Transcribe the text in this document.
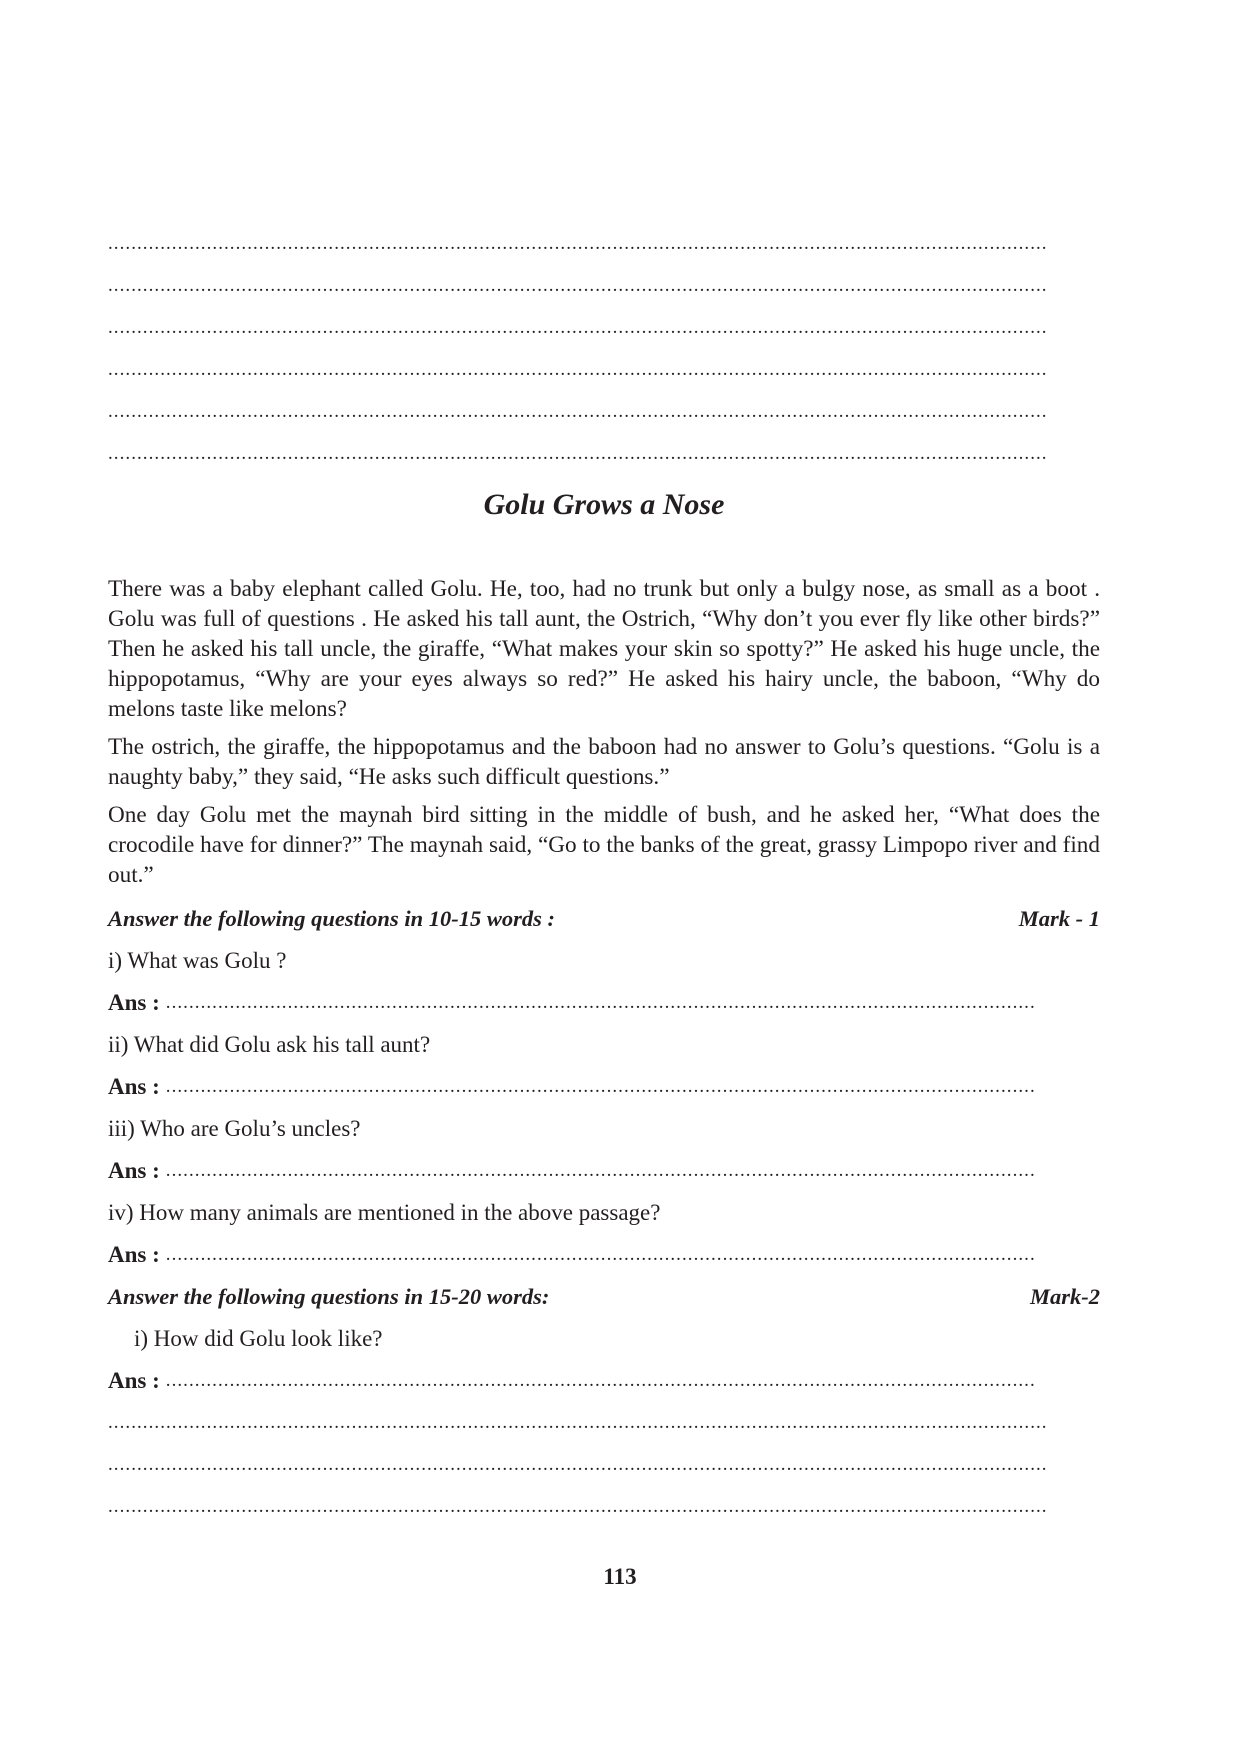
..................................................................................................................................................................
..................................................................................................................................................................
..................................................................................................................................................................
..................................................................................................................................................................
..................................................................................................................................................................
..................................................................................................................................................................
Golu Grows a Nose

There was a baby elephant called Golu. He, too, had no trunk but only a bulgy nose, as small as a boot . Golu was full of questions . He asked his tall aunt, the Ostrich, “Why don’t you ever fly like other birds?” Then he asked his tall uncle, the giraffe, “What makes your skin so spotty?” He asked his huge uncle, the hippopotamus, “Why are your eyes always so red?” He asked his hairy uncle, the baboon, “Why do melons taste like melons?

The ostrich, the giraffe, the hippopotamus and the baboon had no answer to Golu’s questions. “Golu is a naughty baby,” they said, “He asks such difficult questions.”

One day Golu met the maynah bird sitting in the middle of bush, and he asked her, “What does the crocodile have for dinner?” The maynah said, “Go to the banks of the great, grassy Limpopo river and find out.”

Answer the following questions in 10-15 words :	Mark - 1
i) What was Golu ?
Ans : ......................................................................................................................................................
ii) What did Golu ask his tall aunt?
Ans : ......................................................................................................................................................
iii) Who are Golu’s uncles?
Ans : ......................................................................................................................................................
iv) How many animals are mentioned in the above passage?
Ans : ......................................................................................................................................................
Answer the following questions in 15-20 words:	Mark-2
i) How did Golu look like?
Ans : ......................................................................................................................................................
..................................................................................................................................................................
..................................................................................................................................................................
..................................................................................................................................................................
113
